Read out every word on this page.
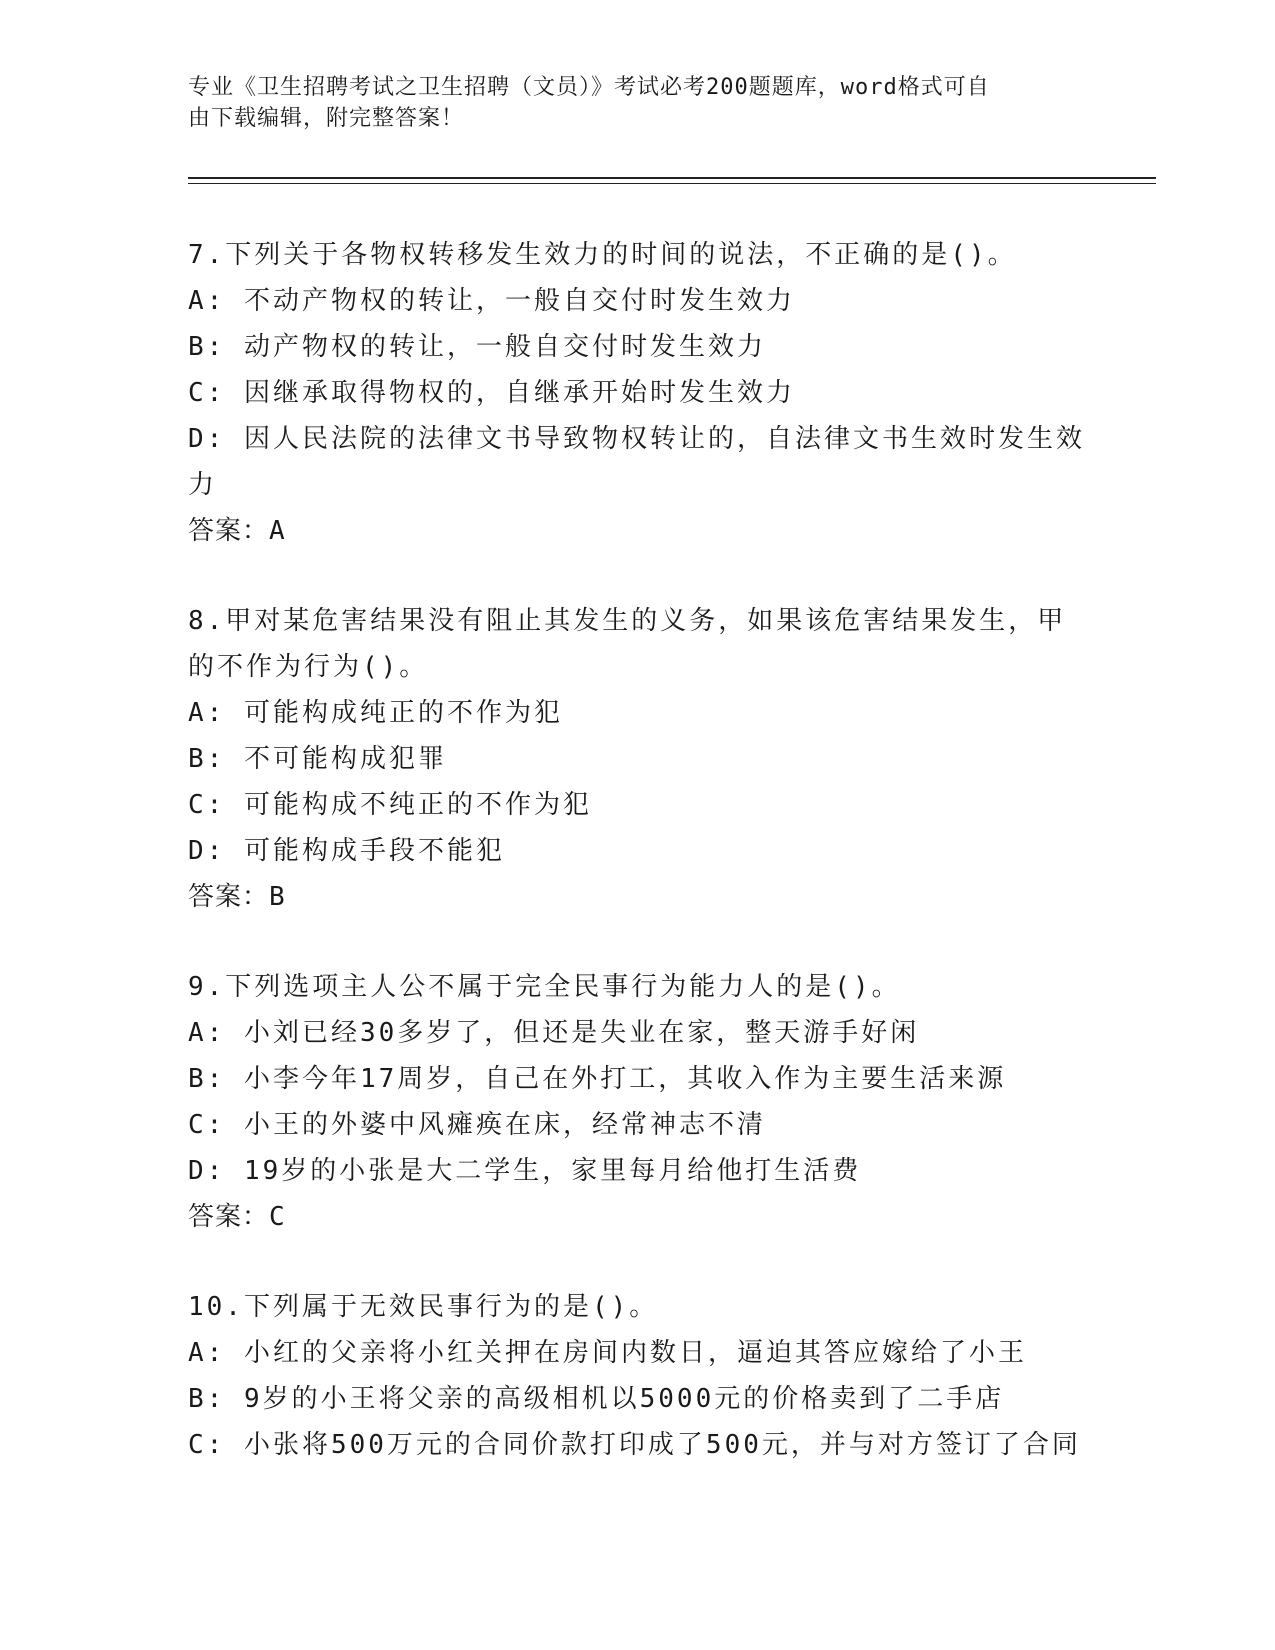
专业《卫生招聘考试之卫生招聘（文员）》考试必考200题题库，word格式可自
由下载编辑，附完整答案！

7.下列关于各物权转移发生效力的时间的说法，不正确的是()。

A: 不动产物权的转让，一般自交付时发生效力

B: 动产物权的转让，一般自交付时发生效力

C: 因继承取得物权的，自继承开始时发生效力

D: 因人民法院的法律文书导致物权转让的，自法律文书生效时发生效

力

答案：A

8.甲对某危害结果没有阻止其发生的义务，如果该危害结果发生，甲

的不作为行为()。

A: 可能构成纯正的不作为犯

B: 不可能构成犯罪

C: 可能构成不纯正的不作为犯

D: 可能构成手段不能犯

答案：B

9.下列选项主人公不属于完全民事行为能力人的是()。

A: 小刘已经30多岁了，但还是失业在家，整天游手好闲

B: 小李今年17周岁，自己在外打工，其收入作为主要生活来源

C: 小王的外婆中风瘫痪在床，经常神志不清

D: 19岁的小张是大二学生，家里每月给他打生活费

答案：C

10.下列属于无效民事行为的是()。

A: 小红的父亲将小红关押在房间内数日，逼迫其答应嫁给了小王

B: 9岁的小王将父亲的高级相机以5000元的价格卖到了二手店

C: 小张将500万元的合同价款打印成了500元，并与对方签订了合同
